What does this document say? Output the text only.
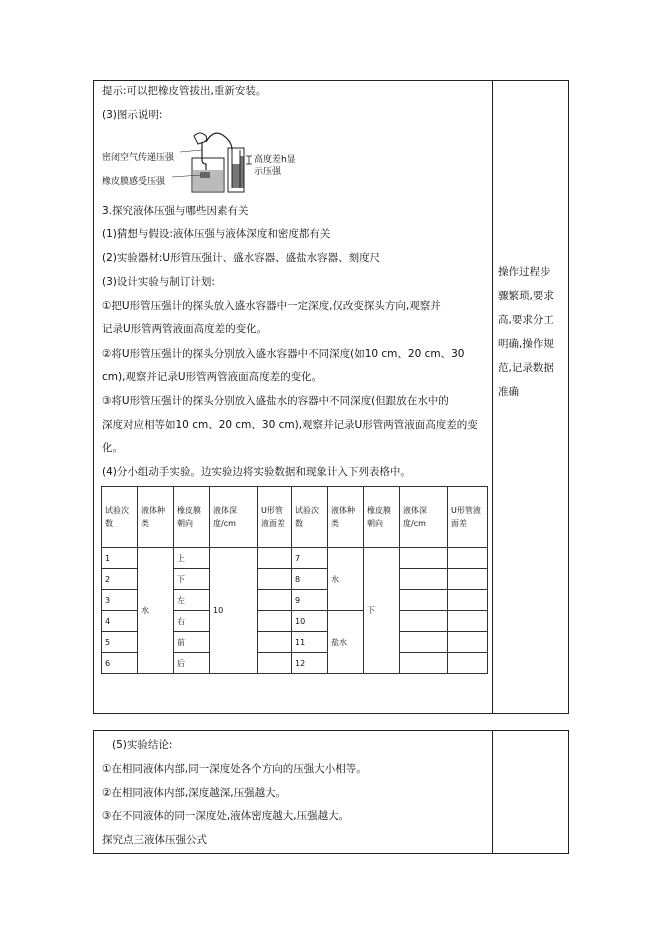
提示:可以把橡皮管拔出,重新安装。
(3)图示说明:
密闭空气传递压强
橡皮膜感受压强
高度差h显
示压强
3.探究液体压强与哪些因素有关
(1)猜想与假设:液体压强与液体深度和密度都有关
(2)实验器材:U形管压强计、盛水容器、盛盐水容器、刻度尺
(3)设计实验与制订计划:
①把U形管压强计的探头放入盛水容器中一定深度,仅改变探头方向,观察并
记录U形管两管液面高度差的变化。
②将U形管压强计的探头分别放入盛水容器中不同深度(如10 cm、20 cm、30
cm),观察并记录U形管两管液面高度差的变化。
③将U形管压强计的探头分别放入盛盐水的容器中不同深度(但跟放在水中的
深度对应相等如10 cm、20 cm、30 cm),观察并记录U形管两管液面高度差的变
化。
(4)分小组动手实验。边实验边将实验数据和现象计入下列表格中。
操作过程步
骤繁琐,要求
高,要求分工
明确,操作规
范,记录数据
准确
试验次数	液体种类	橡皮膜朝向	液体深度/cm	U形管液面差	试验次数	液体种类	橡皮膜朝向	液体深度/cm	U形管液面差
1	水	上	10		7	水	下		
2		下			8				
3		左			9				
4		右			10	盐水			
5		前			11				
6		后			12				
(5)实验结论:
①在相同液体内部,同一深度处各个方向的压强大小相等。
②在相同液体内部,深度越深,压强越大。
③在不同液体的同一深度处,液体密度越大,压强越大。
探究点三液体压强公式
